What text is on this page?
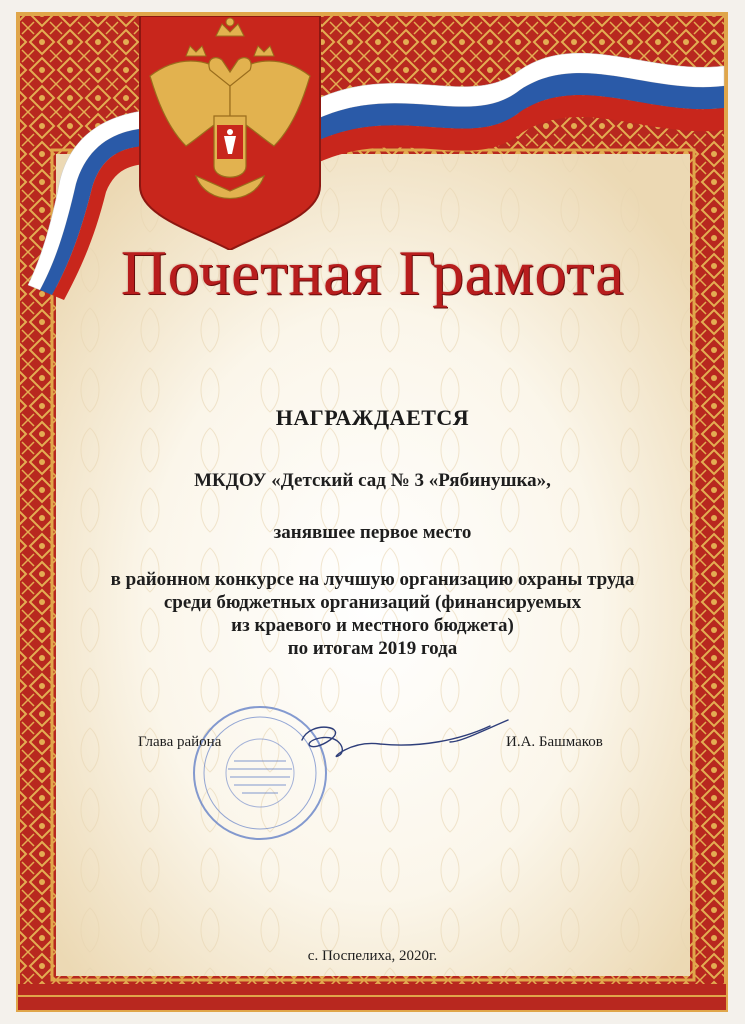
Почетная Грамота
НАГРАЖДАЕТСЯ
МКДОУ «Детский сад № 3 «Рябинушка»,
занявшее первое место
в районном конкурсе на лучшую организацию охраны труда
среди бюджетных организаций (финансируемых
из краевого и местного бюджета)
по итогам 2019 года
Глава района	И.А. Башмаков
с. Поспелиха, 2020г.
